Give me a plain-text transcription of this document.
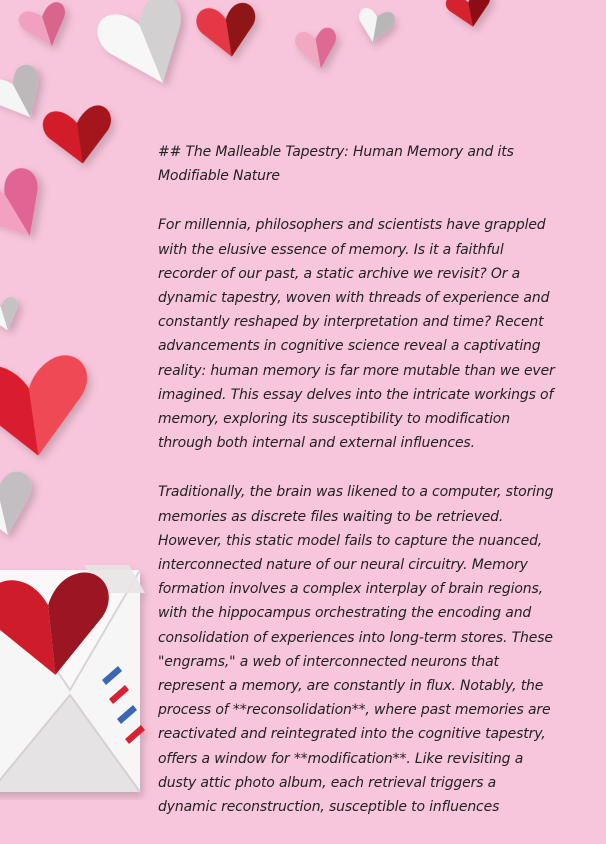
## The Malleable Tapestry: Human Memory and its Modifiable Nature

For millennia, philosophers and scientists have grappled with the elusive essence of memory. Is it a faithful recorder of our past, a static archive we revisit? Or a dynamic tapestry, woven with threads of experience and constantly reshaped by interpretation and time? Recent advancements in cognitive science reveal a captivating reality: human memory is far more mutable than we ever imagined. This essay delves into the intricate workings of memory, exploring its susceptibility to modification through both internal and external influences.

Traditionally, the brain was likened to a computer, storing memories as discrete files waiting to be retrieved. However, this static model fails to capture the nuanced, interconnected nature of our neural circuitry. Memory formation involves a complex interplay of brain regions, with the hippocampus orchestrating the encoding and consolidation of experiences into long-term stores. These "engrams," a web of interconnected neurons that represent a memory, are constantly in flux. Notably, the process of **reconsolidation**, where past memories are reactivated and reintegrated into the cognitive tapestry, offers a window for **modification**. Like revisiting a dusty attic photo album, each retrieval triggers a dynamic reconstruction, susceptible to influences
